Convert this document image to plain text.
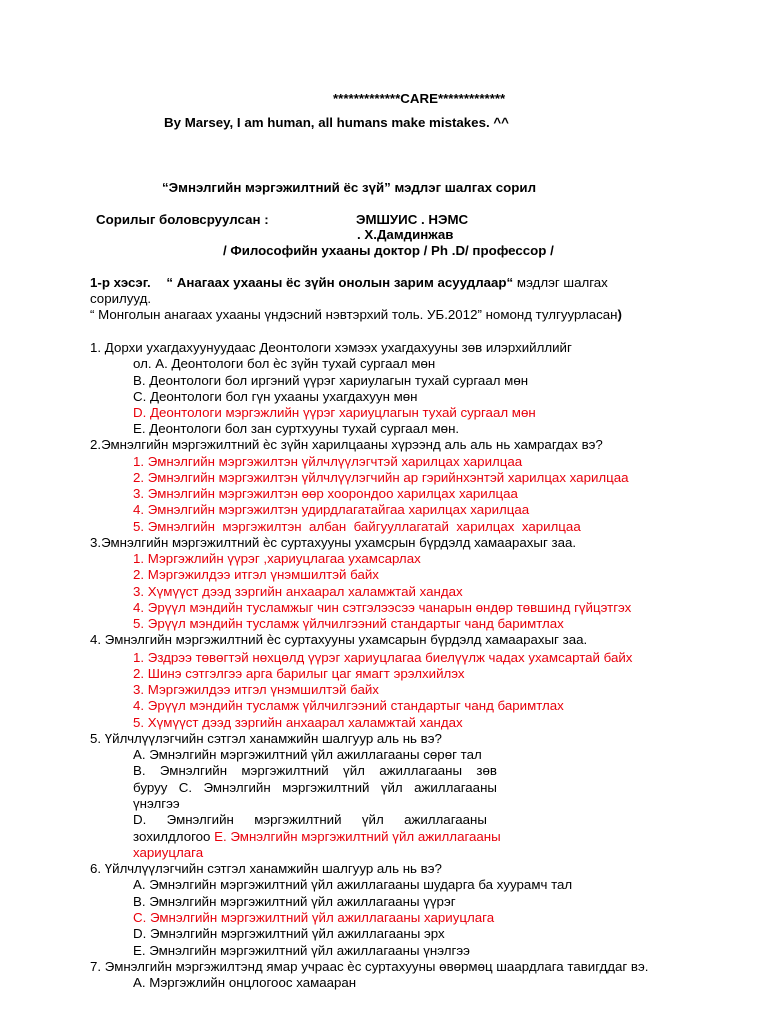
*************CARE*************
By Marsey, I am human, all humans make mistakes. ^^
“Эмнэлгийн мэргэжилтний ёс зүй” мэдлэг шалгах сорил
Сорилыг боловсруулсан :	ЭМШУИС . НЭМС
. Х.Дамдинжав
/ Философийн ухааны доктор / Ph .D/ профессор /
1-р хэсэг. “ Анагаах ухааны ёс зүйн онолын зарим асуудлаар“ мэдлэг шалгах
сорилууд.
“ Монголын анагаах ухааны үндэсний нэвтэрхий толь. УБ.2012” номонд тулгуурласан)
1. Дорхи ухагдахуунуудаас Деонтологи хэмээх ухагдахууны зөв илэрхийллийг
ол. А. Деонтологи бол ѐс зүйн тухай сургаал мөн
В. Деонтологи бол иргэний үүрэг хариулагын тухай сургаал мөн
С. Деонтологи бол гүн ухааны ухагдахуун мөн
D. Деонтологи мэргэжлийн үүрэг хариуцлагын тухай сургаал мөн
Е. Деонтологи бол зан суртхууны тухай сургаал мөн.
2.Эмнэлгийн мэргэжилтний ѐс зүйн харилцааны хүрээнд аль аль нь хамрагдах вэ?
1. Эмнэлгийн мэргэжилтэн үйлчлүүлэгчтэй харилцах харилцаа
2. Эмнэлгийн мэргэжилтэн үйлчлүүлэгчийн ар гэрийнхэнтэй харилцах харилцаа
3. Эмнэлгийн мэргэжилтэн өөр хоорондоо харилцах харилцаа
4. Эмнэлгийн мэргэжилтэн удирдлагатайгаа харилцах харилцаа
5. Эмнэлгийн  мэргэжилтэн  албан  байгууллагатай  харилцах  харилцаа
3.Эмнэлгийн мэргэжилтний ѐс суртахууны ухамсрын бүрдэлд хамаарахыг заа.
1. Мэргэжлийн үүрэг ,хариуцлагаа ухамсарлах
2. Мэргэжилдээ итгэл үнэмшилтэй байх
3. Хүмүүст дээд зэргийн анхаарал халамжтай хандах
4. Эрүүл мэндийн тусламжыг чин сэтгэлээсээ чанарын өндөр төвшинд гүйцэтгэх
5. Эрүүл мэндийн тусламж үйлчилгээний стандартыг чанд баримтлах
4. Эмнэлгийн мэргэжилтний ѐс суртахууны ухамсарын бүрдэлд хамаарахыг заа.
1. Эздрээ төвөгтэй нөхцөлд үүрэг хариуцлагаа биелүүлж чадах ухамсартай байх
2. Шинэ сэтгэлгээ арга барилыг цаг ямагт эрэлхийлэх
3. Мэргэжилдээ итгэл үнэмшилтэй байх
4. Эрүүл мэндийн тусламж үйлчилгээний стандартыг чанд баримтлах
5. Хүмүүст дээд зэргийн анхаарал халамжтай хандах
5. Үйлчлүүлэгчийн сэтгэл ханамжийн шалгуур аль нь вэ?
А. Эмнэлгийн мэргэжилтний үйл ажиллагааны сөрөг тал
В. Эмнэлгийн мэргэжилтний үйл ажиллагааны зөв
буруу С. Эмнэлгийн мэргэжилтний үйл ажиллагааны
үнэлгээ
D. Эмнэлгийн мэргэжилтний үйл ажиллагааны
зохилдлогоо Е. Эмнэлгийн мэргэжилтний үйл ажиллагааны
хариуцлага
6. Үйлчлүүлэгчийн сэтгэл ханамжийн шалгуур аль нь вэ?
А. Эмнэлгийн мэргэжилтний үйл ажиллагааны шударга ба хуурамч тал
В. Эмнэлгийн мэргэжилтний үйл ажиллагааны үүрэг
С. Эмнэлгийн мэргэжилтний үйл ажиллагааны хариуцлага
D. Эмнэлгийн мэргэжилтний үйл ажиллагааны эрх
Е. Эмнэлгийн мэргэжилтний үйл ажиллагааны үнэлгээ
7. Эмнэлгийн мэргэжилтэнд ямар учраас ѐс суртахууны өвөрмөц шаардлага тавигддаг вэ.
А. Мэргэжлийн онцлогоос хамааран
